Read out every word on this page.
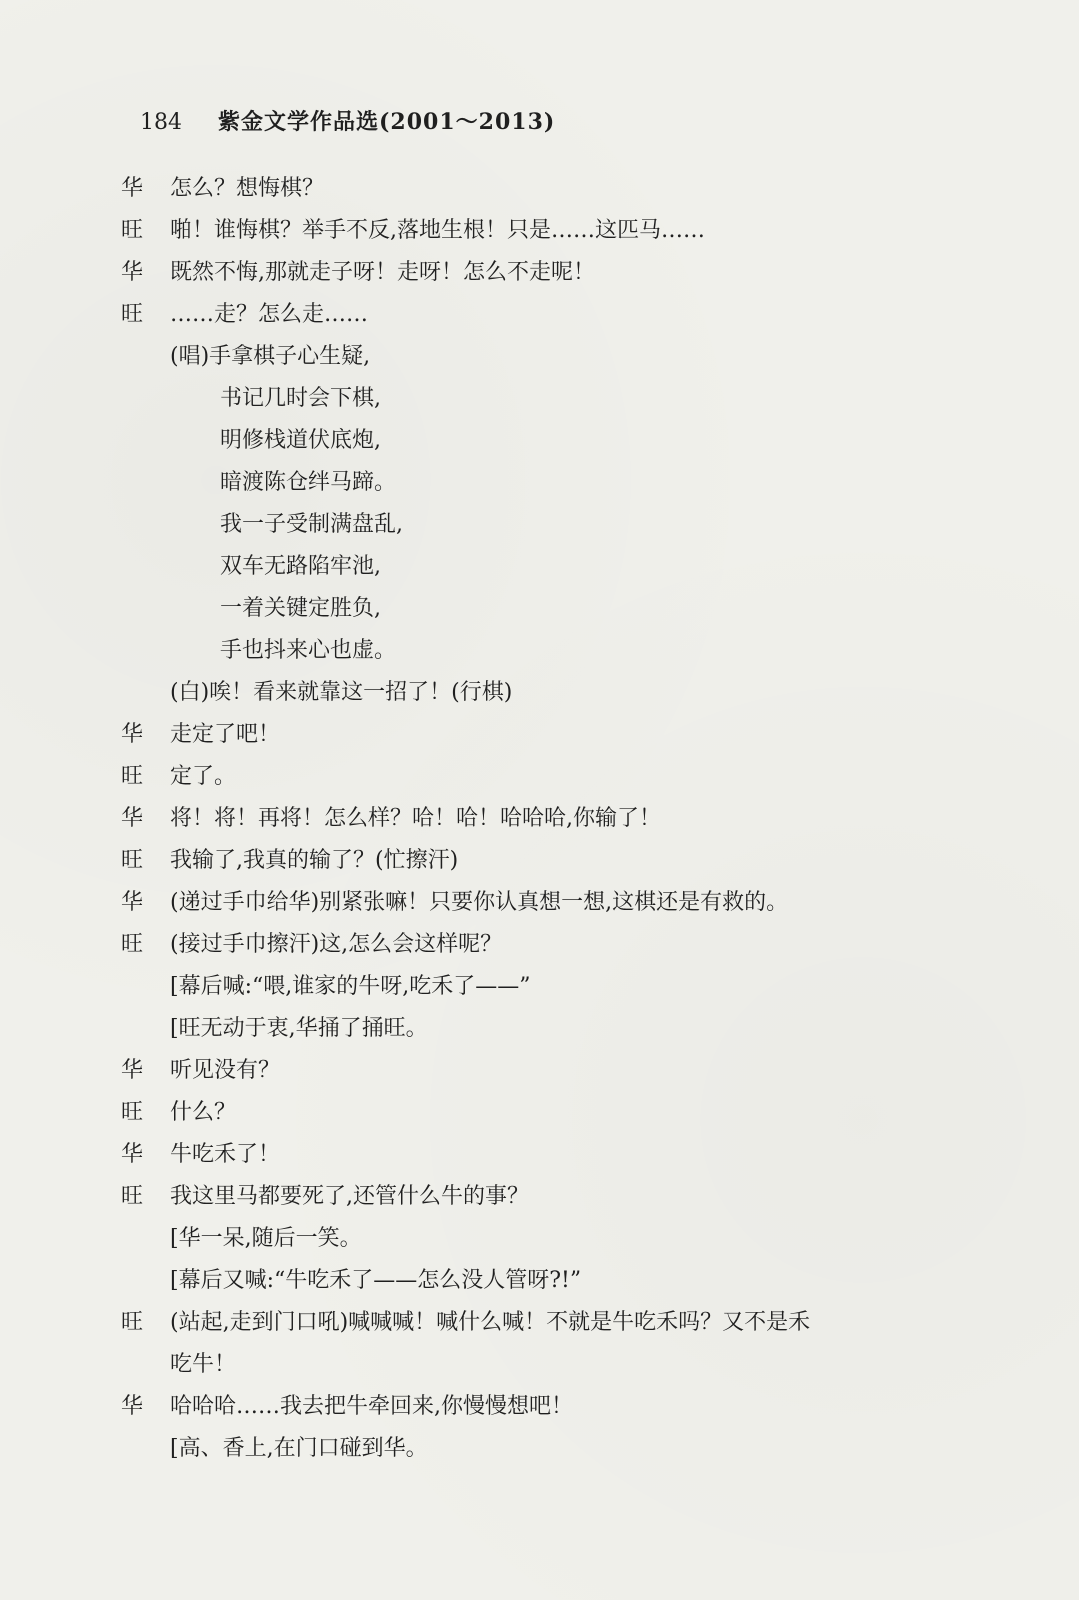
184 紫金文学作品选(2001～2013)
华 怎么？想悔棋？
旺 啪！谁悔棋？举手不反,落地生根！只是……这匹马……
华 既然不悔,那就走子呀！走呀！怎么不走呢！
旺 ……走？怎么走……
(唱)手拿棋子心生疑,
书记几时会下棋,
明修栈道伏底炮,
暗渡陈仓绊马蹄。
我一子受制满盘乱,
双车无路陷牢池,
一着关键定胜负,
手也抖来心也虚。
(白)唉！看来就靠这一招了！(行棋)
华 走定了吧！
旺 定了。
华 将！将！再将！怎么样？哈！哈！哈哈哈,你输了！
旺 我输了,我真的输了？(忙擦汗)
华 (递过手巾给华)别紧张嘛！只要你认真想一想,这棋还是有救的。
旺 (接过手巾擦汗)这,怎么会这样呢？
[幕后喊:“喂,谁家的牛呀,吃禾了——”
[旺无动于衷,华捅了捅旺。
华 听见没有？
旺 什么？
华 牛吃禾了！
旺 我这里马都要死了,还管什么牛的事？
[华一呆,随后一笑。
[幕后又喊:“牛吃禾了——怎么没人管呀?!”
旺 (站起,走到门口吼)喊喊喊！喊什么喊！不就是牛吃禾吗？又不是禾
吃牛！
华 哈哈哈……我去把牛牵回来,你慢慢想吧！
[高、香上,在门口碰到华。
